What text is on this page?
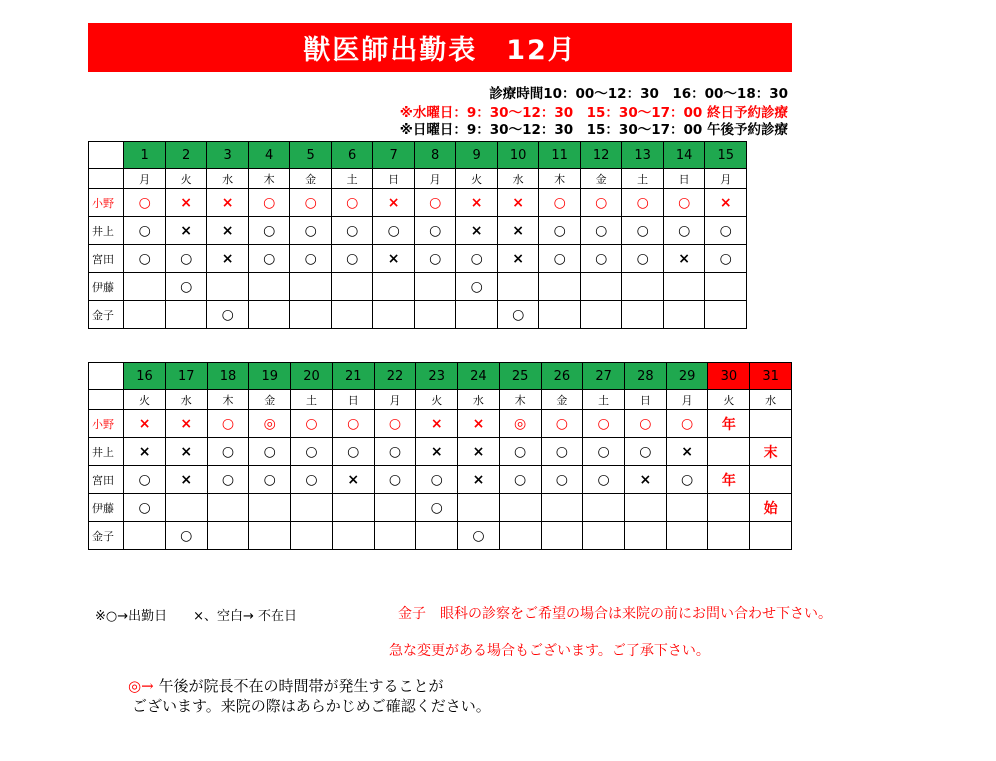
獣医師出勤表　12月
診療時間10：00～12：30　16：00～18：30
※水曜日：9：30～12：30　15：30～17：00 終日予約診療
※日曜日：9：30～12：30　15：30～17：00 午後予約診療
	1	2	3	4	5	6	7	8	9	10	11	12	13	14	15
	月	火	水	木	金	土	日	月	火	水	木	金	土	日	月
小野	○	×	×	○	○	○	×	○	×	×	○	○	○	○	×
井上	○	×	×	○	○	○	○	○	×	×	○	○	○	○	○
宮田	○	○	×	○	○	○	×	○	○	×	○	○	○	×	○
伊藤		○							○						
金子			○							○					
	16	17	18	19	20	21	22	23	24	25	26	27	28	29	30	31
	火	水	木	金	土	日	月	火	水	木	金	土	日	月	火	水
小野	×	×	○	◎	○	○	○	×	×	◎	○	○	○	○	年	
井上	×	×	○	○	○	○	○	×	×	○	○	○	○	×		末
宮田	○	×	○	○	○	×	○	○	×	○	○	○	×	○	年	
伊藤	○							○								始
金子		○							○							
※○→出勤日　　×、空白→ 不在日	金子　眼科の診察をご希望の場合は来院の前にお問い合わせ下さい。
急な変更がある場合もございます。ご了承下さい。
◎→ 午後が院長不在の時間帯が発生することが
ございます。来院の際はあらかじめご確認ください。
